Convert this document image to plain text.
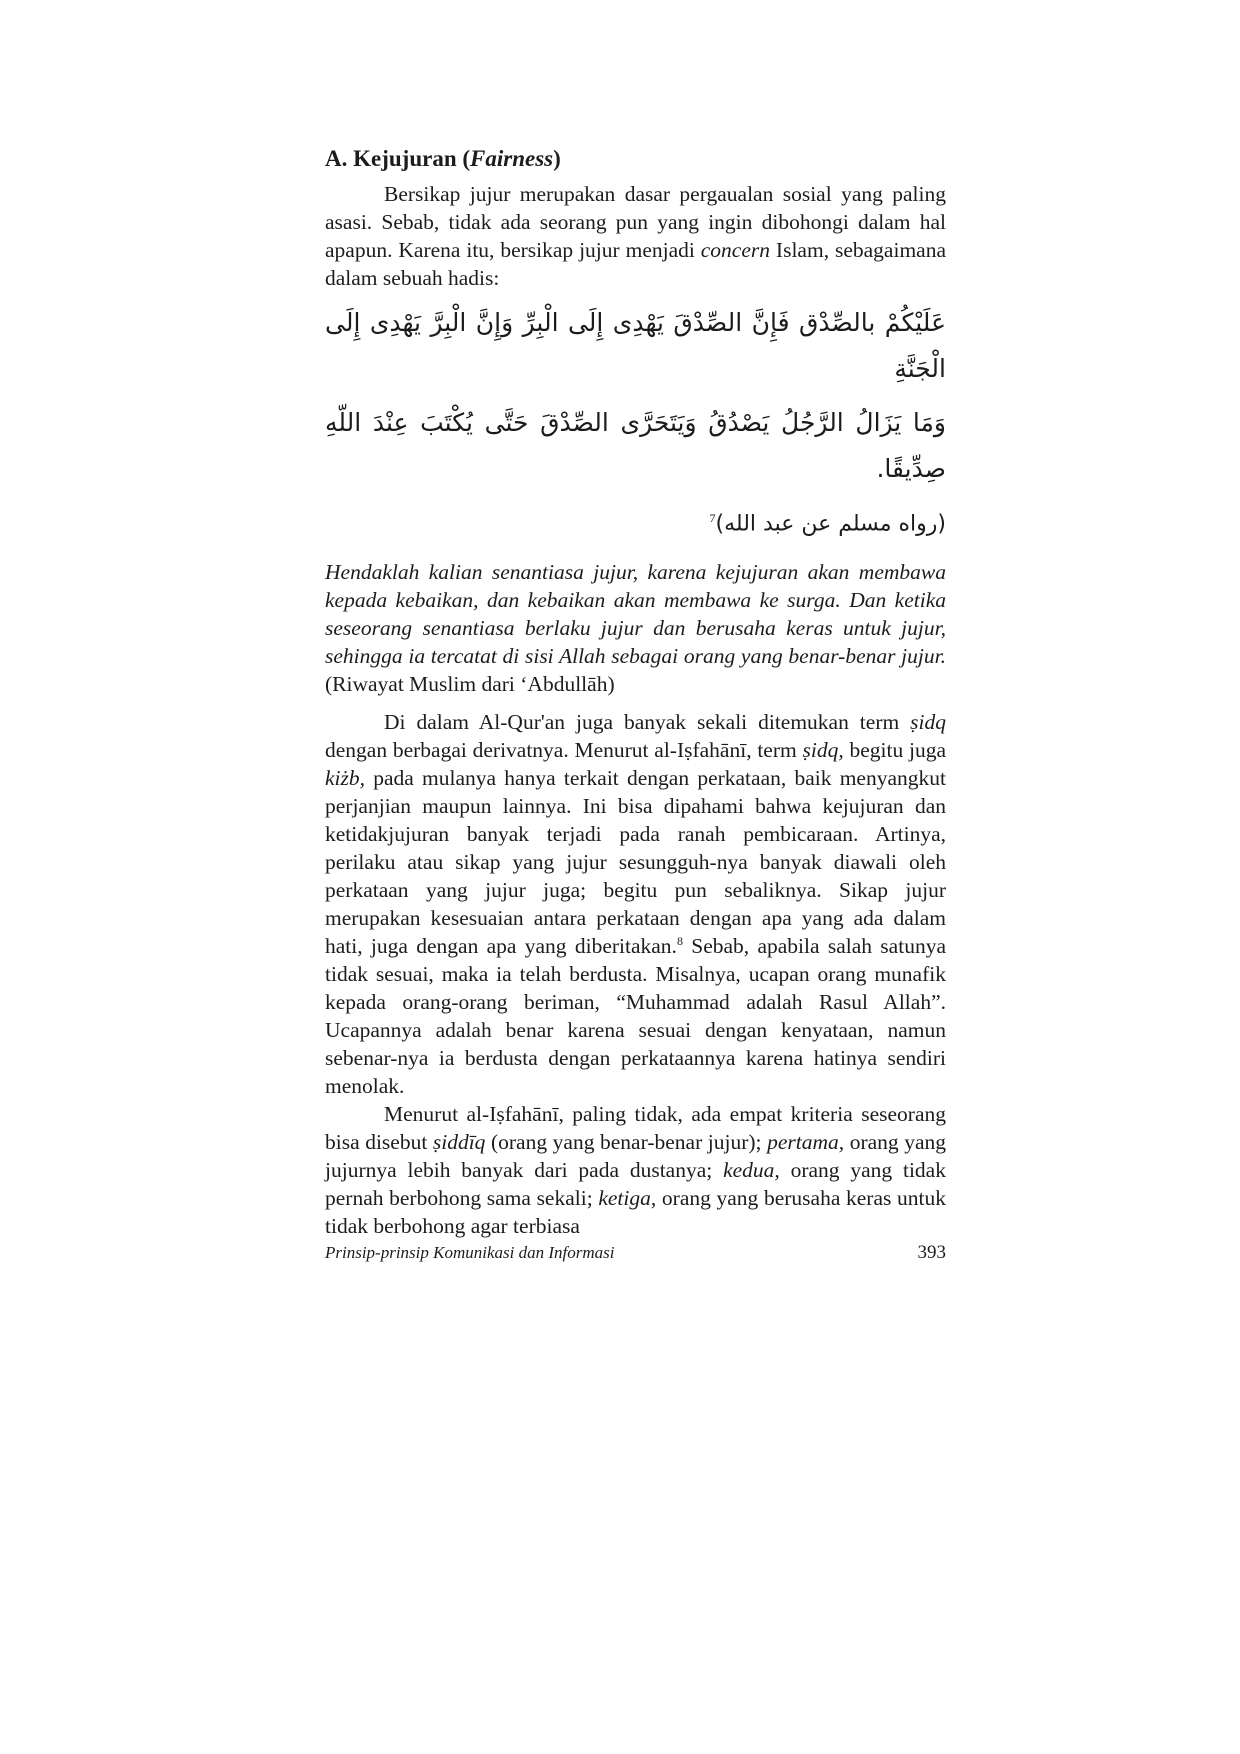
A. Kejujuran (Fairness)

Bersikap jujur merupakan dasar pergaualan sosial yang paling asasi. Sebab, tidak ada seorang pun yang ingin dibohongi dalam hal apapun. Karena itu, bersikap jujur menjadi concern Islam, sebagaimana dalam sebuah hadis:

عَلَيْكُمْ بالصِّدْق فَإِنَّ الصِّدْقَ يَهْدِى إِلَى الْبِرِّ وَإِنَّ الْبِرَّ يَهْدِى إِلَى الْجَنَّةِ
وَمَا يَزَالُ الرَّجُلُ يَصْدُقُ وَيَتَحَرَّى الصِّدْقَ حَتَّى يُكْتَبَ عِنْدَ اللّهِ صِدِّيقًا.
(رواه مسلم عن عبد الله)$^7$

Hendaklah kalian senantiasa jujur, karena kejujuran akan membawa kepada kebaikan, dan kebaikan akan membawa ke surga. Dan ketika seseorang senantiasa berlaku jujur dan berusaha keras untuk jujur, sehingga ia tercatat di sisi Allah sebagai orang yang benar-benar jujur. (Riwayat Muslim dari ‘Abdullāh)

Di dalam Al-Qur'an juga banyak sekali ditemukan term ṣidq dengan berbagai derivatnya. Menurut al-Iṣfahānī, term ṣidq, begitu juga kiżb, pada mulanya hanya terkait dengan perkataan, baik menyangkut perjanjian maupun lainnya. Ini bisa dipahami bahwa kejujuran dan ketidakjujuran banyak terjadi pada ranah pembicaraan. Artinya, perilaku atau sikap yang jujur sesungguh-nya banyak diawali oleh perkataan yang jujur juga; begitu pun sebaliknya. Sikap jujur merupakan kesesuaian antara perkataan dengan apa yang ada dalam hati, juga dengan apa yang diberitakan.$^8$ Sebab, apabila salah satunya tidak sesuai, maka ia telah berdusta. Misalnya, ucapan orang munafik kepada orang-orang beriman, “Muhammad adalah Rasul Allah”. Ucapannya adalah benar karena sesuai dengan kenyataan, namun sebenar-nya ia berdusta dengan perkataannya karena hatinya sendiri menolak.

Menurut al-Iṣfahānī, paling tidak, ada empat kriteria seseorang bisa disebut ṣiddīq (orang yang benar-benar jujur); pertama, orang yang jujurnya lebih banyak dari pada dustanya; kedua, orang yang tidak pernah berbohong sama sekali; ketiga, orang yang berusaha keras untuk tidak berbohong agar terbiasa

Prinsip-prinsip Komunikasi dan Informasi	393
